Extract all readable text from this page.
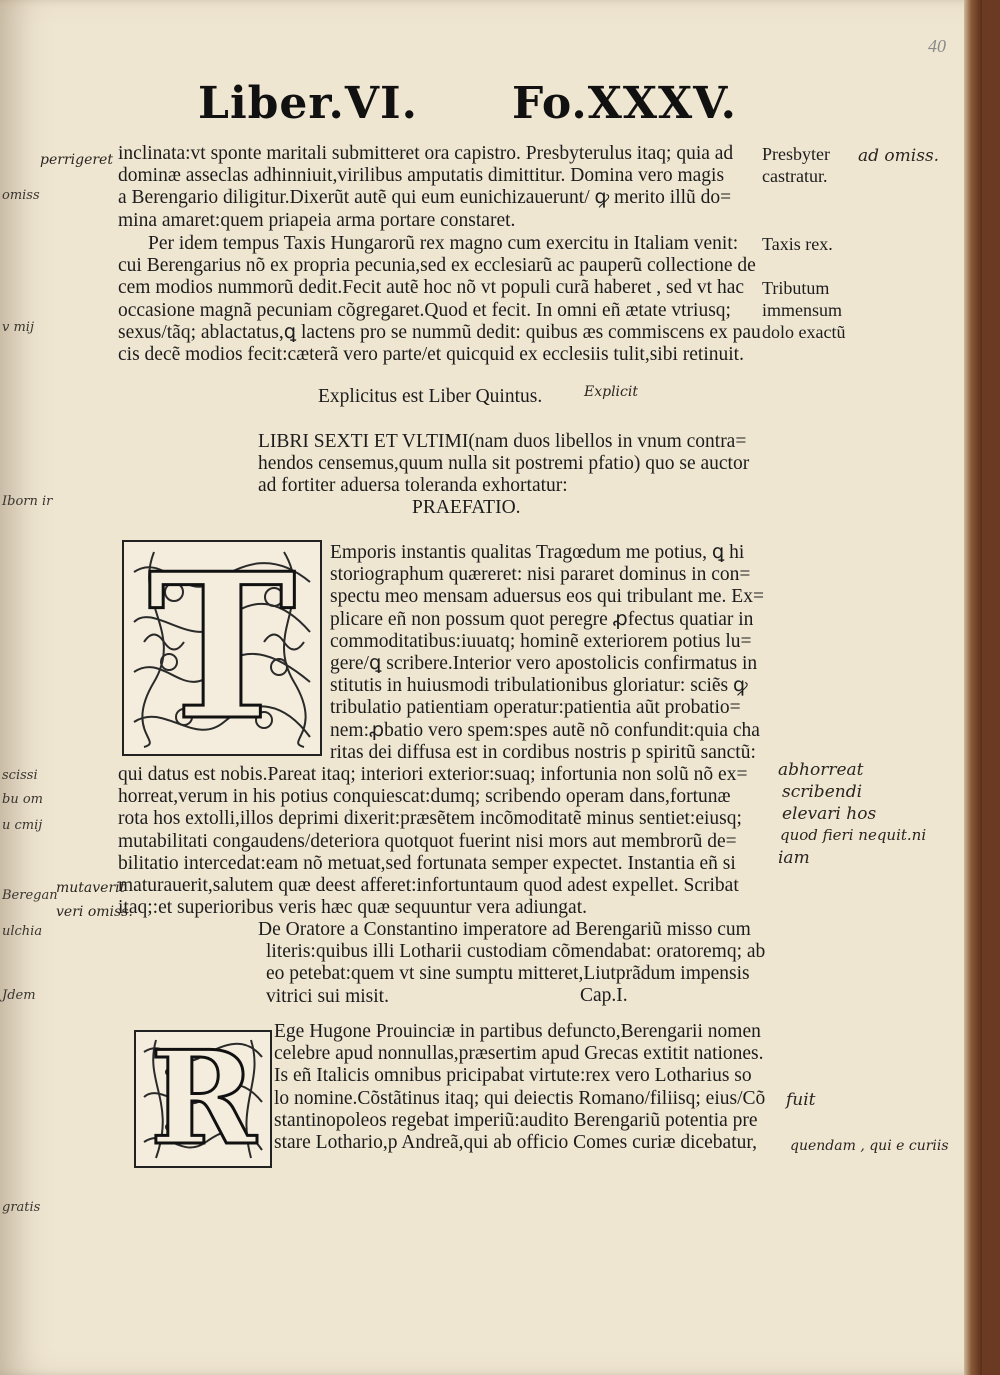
40
Liber.VI. Fo.XXXV.
inclinata:vt sponte maritali submitteret ora capistro. Presbyterulus itaq; quia ad
dominæ asseclas adhinniuit,virilibus amputatis dimittitur. Domina vero magis
a Berengario diligitur.Dixerũt autẽ qui eum eunichizauerunt/ ꝙ merito illũ do=
mina amaret:quem priapeia arma portare constaret.
Per idem tempus Taxis Hungarorũ rex magno cum exercitu in Italiam venit:
cui Berengarius nõ ex propria pecunia,sed ex ecclesiarũ ac pauperũ collectione de
cem modios nummorũ dedit.Fecit autẽ hoc nõ vt populi curã haberet , sed vt hac
occasione magnã pecuniam cõgregaret.Quod et fecit. In omni eñ ætate vtriusq;
sexus/tãq; ablactatus,ꝗ lactens pro se nummũ dedit: quibus æs commiscens ex pau
cis decẽ modios fecit:cæterã vero parte/et quicquid ex ecclesiis tulit,sibi retinuit.
Presbyter
castratur.
Taxis rex.
Tributum
immensum
dolo exactũ
Explicitus est Liber Quintus.
LIBRI SEXTI ET VLTIMI(nam duos libellos in vnum contra=
hendos censemus,quum nulla sit postremi pfatio) quo se auctor
ad fortiter aduersa toleranda exhortatur:
PRAEFATIO.
T Emporis instantis qualitas Tragœdum me potius, ꝗ hi
storiographum quæreret: nisi pararet dominus in con=
spectu meo mensam aduersus eos qui tribulant me. Ex=
plicare eñ non possum quot peregre ꝓfectus quatiar in
commoditatibus:iuuatq; hominẽ exteriorem potius lu=
gere/ꝗ scribere.Interior vero apostolicis confirmatus in
stitutis in huiusmodi tribulationibus gloriatur: sciẽs ꝙ
tribulatio patientiam operatur:patientia aũt probatio=
nem:ꝓbatio vero spem:spes autẽ nõ confundit:quia cha
ritas dei diffusa est in cordibus nostris p spiritũ sanctũ:
qui datus est nobis.Pareat itaq; interiori exterior:suaq; infortunia non solũ nõ ex=
horreat,verum in his potius conquiescat:dumq; scribendo operam dans,fortunæ
rota hos extolli,illos deprimi dixerit:præsẽtem incõmoditatẽ minus sentiet:eiusq;
mutabilitati congaudens/deteriora quotquot fuerint nisi mors aut membrorũ de=
bilitatio intercedat:eam nõ metuat,sed fortunata semper expectet. Instantia eñ si
maturauerit,salutem quæ deest afferet:infortuntaum quod adest expellet. Scribat
itaq;:et superioribus veris hæc quæ sequuntur vera adiungat.
De Oratore a Constantino imperatore ad Berengariũ misso cum
literis:quibus illi Lotharii custodiam cõmendabat: oratoremq; ab
eo petebat:quem vt sine sumptu mitteret,Liutprãdum impensis
vitrici sui misit.	Cap.I.
R Ege Hugone Prouinciæ in partibus defuncto,Berengarii nomen
celebre apud nonnullas,præsertim apud Grecas extitit nationes.
Is eñ Italicis omnibus pricipabat virtute:rex vero Lotharius so
lo nomine.Cõstãtinus itaq; qui deiectis Romano/filiisq; eius/Cõ
stantinopoleos regebat imperiũ:audito Berengariũ potentia pre
stare Lothario,p Andreã,qui ab officio Comes curiæ dicebatur,
perrigeret	ad omiss.
Explicit
abhorreat
scribendi
elevari hos
quod fieri nequit.ni
iam
mutaverit
veri omiss.
fuit
quendam , qui e curiis
omiss
v mij
Iborn ir
scissi
bu om
u cmij
Beregan
ulchia
Jdem
gratis
